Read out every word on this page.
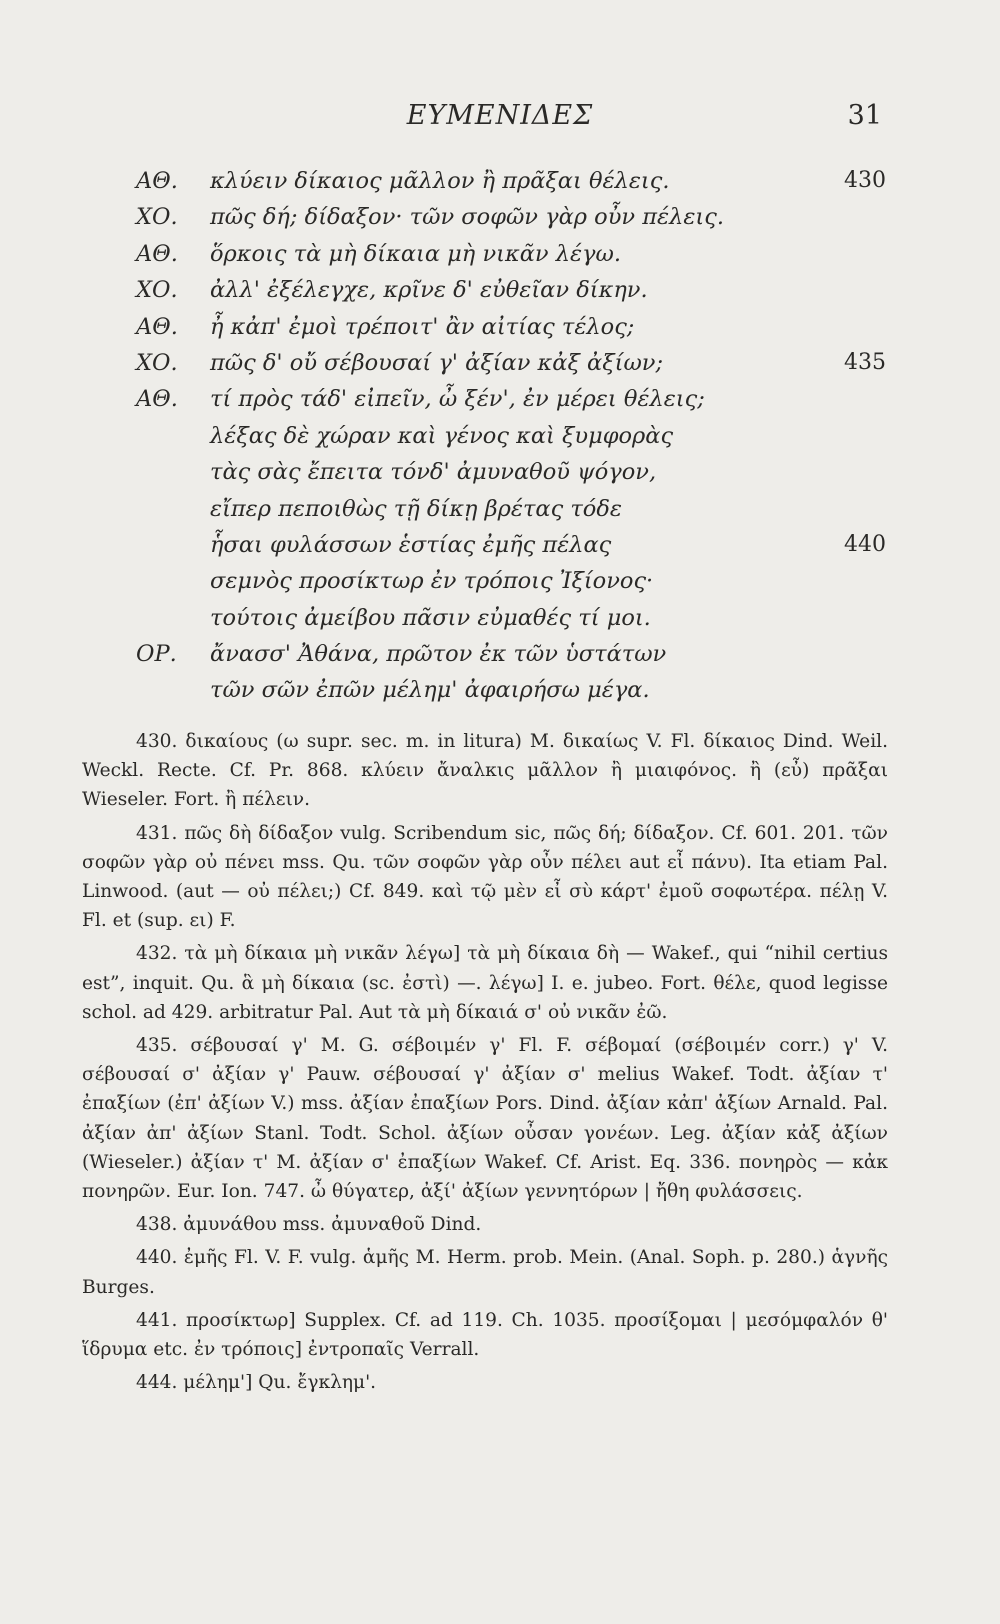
ΕΥΜΕΝΙΔΕΣ	31
ΑΘ.	κλύειν δίκαιος μᾶλλον ἢ πρᾶξαι θέλεις.	430
ΧΟ.	πῶς δή; δίδαξον· τῶν σοφῶν γὰρ οὖν πέλεις.
ΑΘ.	ὅρκοις τὰ μὴ δίκαια μὴ νικᾶν λέγω.
ΧΟ.	ἀλλ' ἐξέλεγχε, κρῖνε δ' εὐθεῖαν δίκην.
ΑΘ.	ἦ κἀπ' ἐμοὶ τρέποιτ' ἂν αἰτίας τέλος;
ΧΟ.	πῶς δ' οὔ σέβουσαί γ' ἀξίαν κἀξ ἀξίων;	435
ΑΘ.	τί πρὸς τάδ' εἰπεῖν, ὦ ξέν', ἐν μέρει θέλεις;
λέξας δὲ χώραν καὶ γένος καὶ ξυμφορὰς
τὰς σὰς ἔπειτα τόνδ' ἀμυναθοῦ ψόγον,
εἴπερ πεποιθὼς τῇ δίκῃ βρέτας τόδε
ἧσαι φυλάσσων ἑστίας ἐμῆς πέλας	440
σεμνὸς προσίκτωρ ἐν τρόποις Ἰξίονος·
τούτοις ἀμείβου πᾶσιν εὐμαθές τί μοι.
ΟΡ.	ἄνασσ' Ἀθάνα, πρῶτον ἐκ τῶν ὑστάτων
τῶν σῶν ἐπῶν μέλημ' ἀφαιρήσω μέγα.

430. δικαίους (ω supr. sec. m. in litura) M. δικαίως V. Fl. δίκαιος Dind. Weil. Weckl. Recte. Cf. Pr. 868. κλύειν ἄναλκις μᾶλλον ἢ μιαιφόνος. ἢ (εὖ) πρᾶξαι Wieseler. Fort. ἢ πέλειν.

431. πῶς δὴ δίδαξον vulg. Scribendum sic, πῶς δή; δίδαξον. Cf. 601. 201. τῶν σοφῶν γὰρ οὐ πένει mss. Qu. τῶν σοφῶν γὰρ οὖν πέλει aut εἶ πάνυ). Ita etiam Pal. Linwood. (aut — οὐ πέλει;) Cf. 849. καὶ τῷ μὲν εἶ σὺ κάρτ' ἐμοῦ σοφωτέρα. πέλῃ V. Fl. et (sup. ει) F.

432. τὰ μὴ δίκαια μὴ νικᾶν λέγω] τὰ μὴ δίκαια δὴ — Wakef., qui “nihil certius est”, inquit. Qu. ἃ μὴ δίκαια (sc. ἐστὶ) —. λέγω] I. e. jubeo. Fort. θέλε, quod legisse schol. ad 429. arbitratur Pal. Aut τὰ μὴ δίκαιά σ' οὐ νικᾶν ἐῶ.

435. σέβουσαί γ' M. G. σέβοιμέν γ' Fl. F. σέβομαί (σέβοιμέν corr.) γ' V. σέβουσαί σ' ἀξίαν γ' Pauw. σέβουσαί γ' ἀξίαν σ' melius Wakef. Todt. ἀξίαν τ' ἐπαξίων (ἐπ' ἀξίων V.) mss. ἀξίαν ἐπαξίων Pors. Dind. ἀξίαν κἀπ' ἀξίων Arnald. Pal. ἀξίαν ἀπ' ἀξίων Stanl. Todt. Schol. ἀξίων οὖσαν γονέων. Leg. ἀξίαν κἀξ ἀξίων (Wieseler.) ἀξίαν τ' M. ἀξίαν σ' ἐπαξίων Wakef. Cf. Arist. Eq. 336. πονηρὸς — κἀκ πονηρῶν. Eur. Ion. 747. ὦ θύγατερ, ἀξί' ἀξίων γεννητόρων | ἤθη φυλάσσεις.

438. ἀμυνάθου mss. ἀμυναθοῦ Dind.

440. ἐμῆς Fl. V. F. vulg. ἁμῆς M. Herm. prob. Mein. (Anal. Soph. p. 280.) ἁγνῆς Burges.

441. προσίκτωρ] Supplex. Cf. ad 119. Ch. 1035. προσίξομαι | μεσόμφαλόν θ' ἵδρυμα etc. ἐν τρόποις] ἐντροπαῖς Verrall.

444. μέλημ'] Qu. ἔγκλημ'.
